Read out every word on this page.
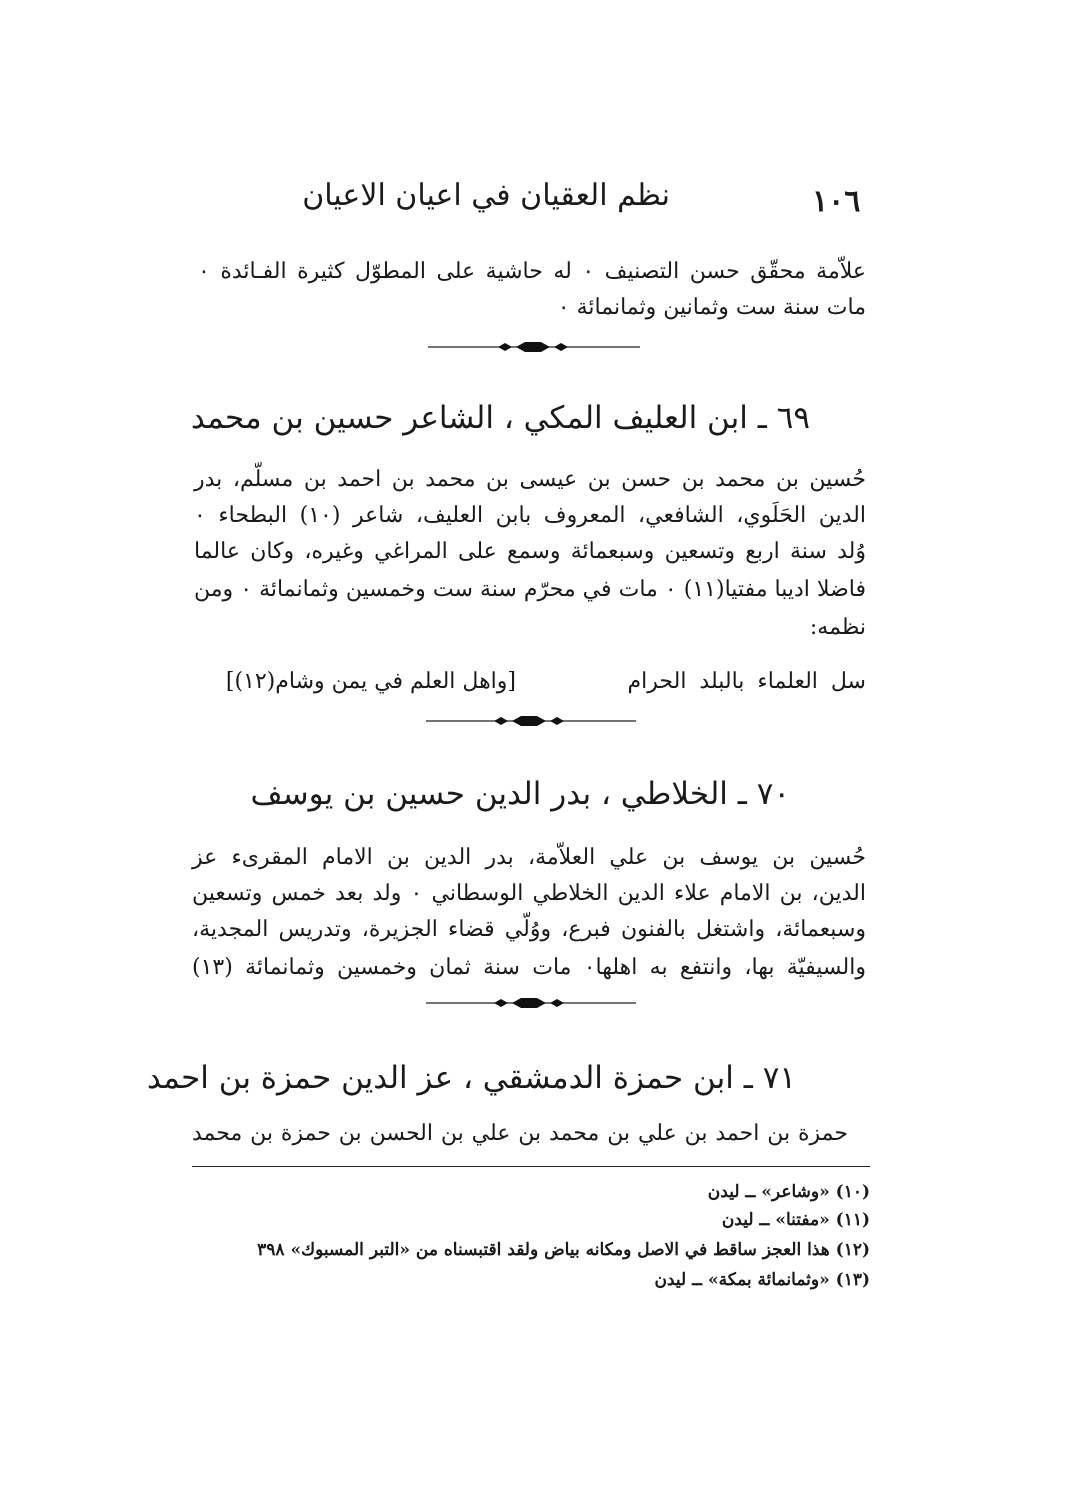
١٠٦
نظم العقيان في اعيان الاعيان
علاّمة محقّق حسن التصنيف ٠ له حاشية على المطوّل كثيرة الفـائدة ٠
مات سنة ست وثمانين وثمانمائة ٠
٦٩ ـ ابن العليف المكي ، الشاعر حسين بن محمد
حُسين بن محمد بن حسن بن عيسى بن محمد بن احمد بن مسلّم، بدر
الدين الحَلَوي، الشافعي، المعروف بابن العليف، شاعر (١٠) البطحاء ٠
وُلد سنة اربع وتسعين وسبعمائة وسمع على المراغي وغيره، وكان عالما
فاضلا اديبا مفتيا(١١) ٠ مات في محرّم سنة ست وخمسين وثمانمائة ٠ ومن
نظمه:
سل العلماء بالبلد الحرام
[واهل العلم في يمن وشام(١٢)]
٧٠ ـ الخلاطي ، بدر الدين حسين بن يوسف
حُسين بن يوسف بن علي العلاّمة، بدر الدين بن الامام المقرىء عز
الدين، بن الامام علاء الدين الخلاطي الوسطاني ٠ ولد بعد خمس وتسعين
وسبعمائة، واشتغل بالفنون فبرع، ووُلّي قضاء الجزيرة، وتدريس المجدية،
والسيفيّة بها، وانتفع به اهلها٠ مات سنة ثمان وخمسين وثمانمائة (١٣)
٧١ ـ ابن حمزة الدمشقي ، عز الدين حمزة بن احمد
حمزة بن احمد بن علي بن محمد بن علي بن الحسن بن حمزة بن محمد
(١٠) «وشاعر» ــ ليدن
(١١) «مفتنا» ــ ليدن
(١٢) هذا العجز ساقط في الاصل ومكانه بياض ولقد اقتبسناه من «التبر المسبوك» ٣٩٨
(١٣) «وثمانمائة بمكة» ــ ليدن
